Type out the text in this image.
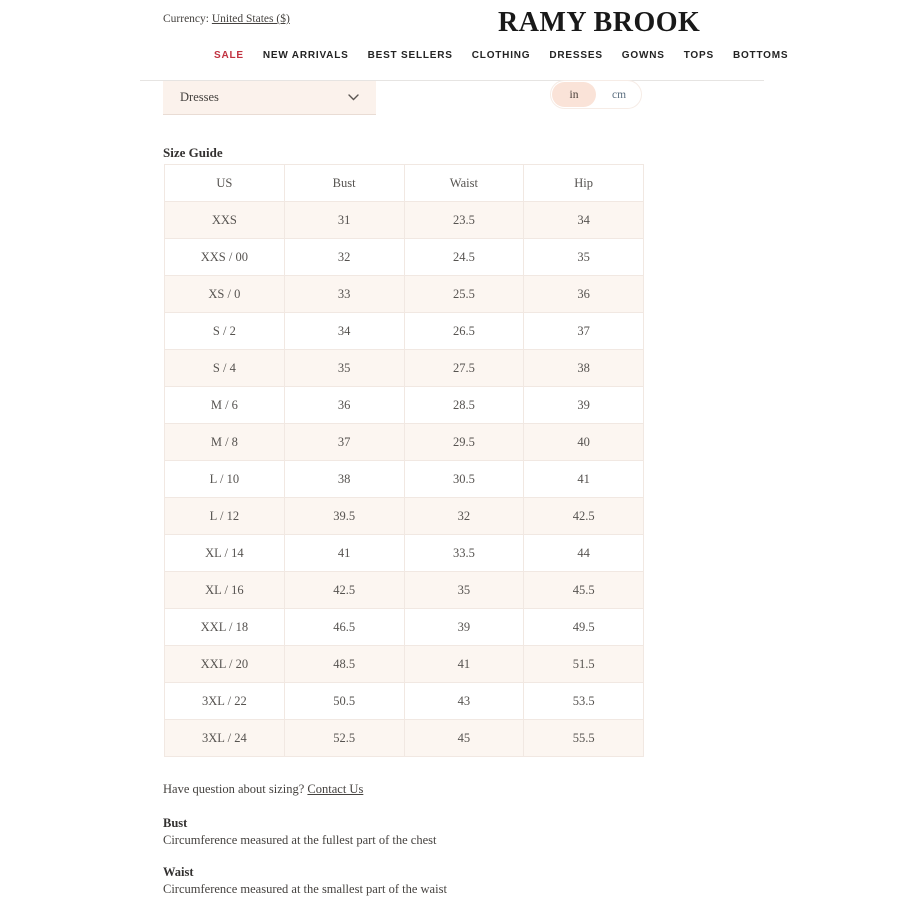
Currency: United States ($)	RAMY BROOK
SALE NEW ARRIVALS BEST SELLERS CLOTHING DRESSES GOWNS TOPS BOTTOMS
Dresses	in	cm
Size Guide
US	Bust	Waist	Hip
XXS	31	23.5	34
XXS / 00	32	24.5	35
XS / 0	33	25.5	36
S / 2	34	26.5	37
S / 4	35	27.5	38
M / 6	36	28.5	39
M / 8	37	29.5	40
L / 10	38	30.5	41
L / 12	39.5	32	42.5
XL / 14	41	33.5	44
XL / 16	42.5	35	45.5
XXL / 18	46.5	39	49.5
XXL / 20	48.5	41	51.5
3XL / 22	50.5	43	53.5
3XL / 24	52.5	45	55.5
Have question about sizing? Contact Us
Bust
Circumference measured at the fullest part of the chest
Waist
Circumference measured at the smallest part of the waist
